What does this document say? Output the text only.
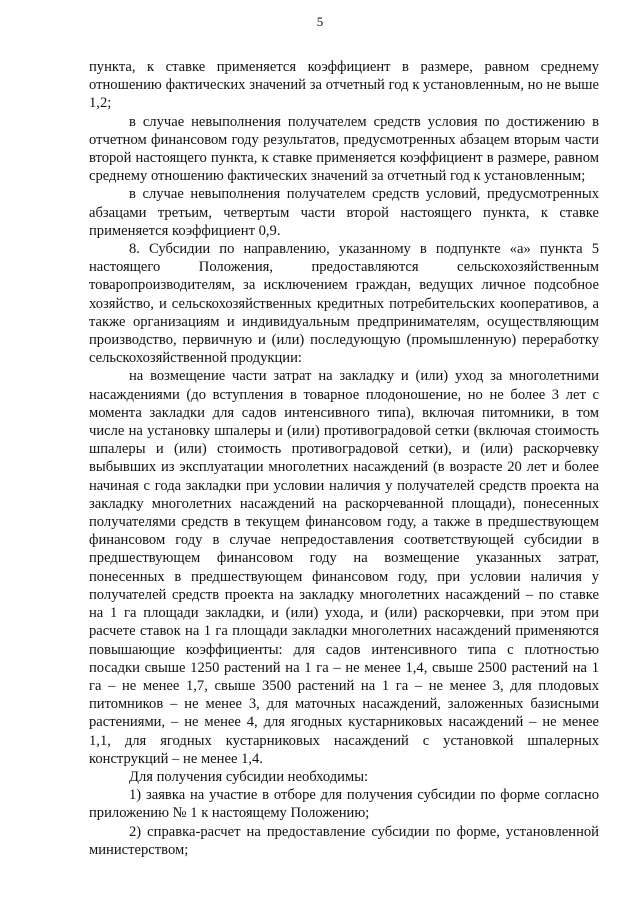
5

пункта, к ставке применяется коэффициент в размере, равном среднему отношению фактических значений за отчетный год к установленным, но не выше 1,2;

в случае невыполнения получателем средств условия по достижению в отчетном финансовом году результатов, предусмотренных абзацем вторым части второй настоящего пункта, к ставке применяется коэффициент в размере, равном среднему отношению фактических значений за отчетный год к установленным;

в случае невыполнения получателем средств условий, предусмотренных абзацами третьим, четвертым части второй настоящего пункта, к ставке применяется коэффициент 0,9.

8. Субсидии по направлению, указанному в подпункте «а» пункта 5 настоящего Положения, предоставляются сельскохозяйственным товаропроизводителям, за исключением граждан, ведущих личное подсобное хозяйство, и сельскохозяйственных кредитных потребительских кооперативов, а также организациям и индивидуальным предпринимателям, осуществляющим производство, первичную и (или) последующую (промышленную) переработку сельскохозяйственной продукции:

на возмещение части затрат на закладку и (или) уход за многолетними насаждениями (до вступления в товарное плодоношение, но не более 3 лет с момента закладки для садов интенсивного типа), включая питомники, в том числе на установку шпалеры и (или) противоградовой сетки (включая стоимость шпалеры и (или) стоимость противоградовой сетки), и (или) раскорчевку выбывших из эксплуатации многолетних насаждений (в возрасте 20 лет и более начиная с года закладки при условии наличия у получателей средств проекта на закладку многолетних насаждений на раскорчеванной площади), понесенных получателями средств в текущем финансовом году, а также в предшествующем финансовом году в случае непредоставления соответствующей субсидии в предшествующем финансовом году на возмещение указанных затрат, понесенных в предшествующем финансовом году, при условии наличия у получателей средств проекта на закладку многолетних насаждений – по ставке на 1 га площади закладки, и (или) ухода, и (или) раскорчевки, при этом при расчете ставок на 1 га площади закладки многолетних насаждений применяются повышающие коэффициенты: для садов интенсивного типа с плотностью посадки свыше 1250 растений на 1 га – не менее 1,4, свыше 2500 растений на 1 га – не менее 1,7, свыше 3500 растений на 1 га – не менее 3, для плодовых питомников – не менее 3, для маточных насаждений, заложенных базисными растениями, – не менее 4, для ягодных кустарниковых насаждений – не менее 1,1, для ягодных кустарниковых насаждений с установкой шпалерных конструкций – не менее 1,4.

Для получения субсидии необходимы:

1) заявка на участие в отборе для получения субсидии по форме согласно приложению № 1 к настоящему Положению;

2) справка-расчет на предоставление субсидии по форме, установленной министерством;
